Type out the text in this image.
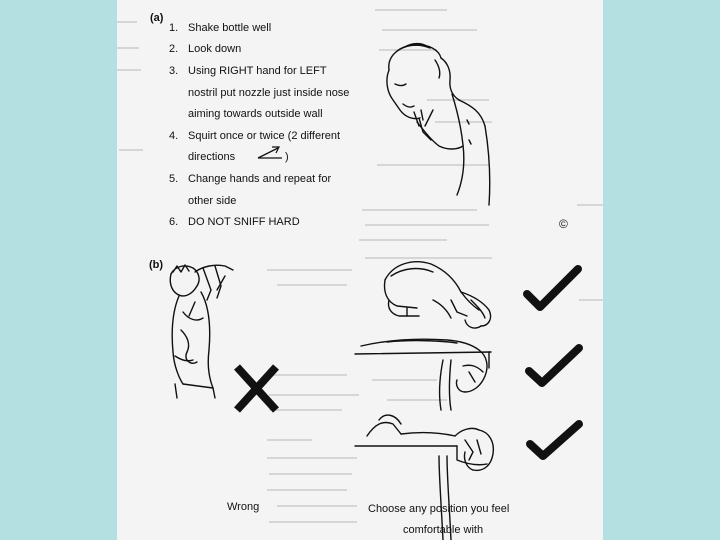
(a)
1. Shake bottle well
2. Look down
3. Using RIGHT hand for LEFT
nostril put nozzle just inside nose
aiming towards outside wall
4. Squirt once or twice (2 different
directions	)
5. Change hands and repeat for
other side
6. DO NOT SNIFF HARD	©
(b)
Wrong	Choose any position you feel
comfortable with
